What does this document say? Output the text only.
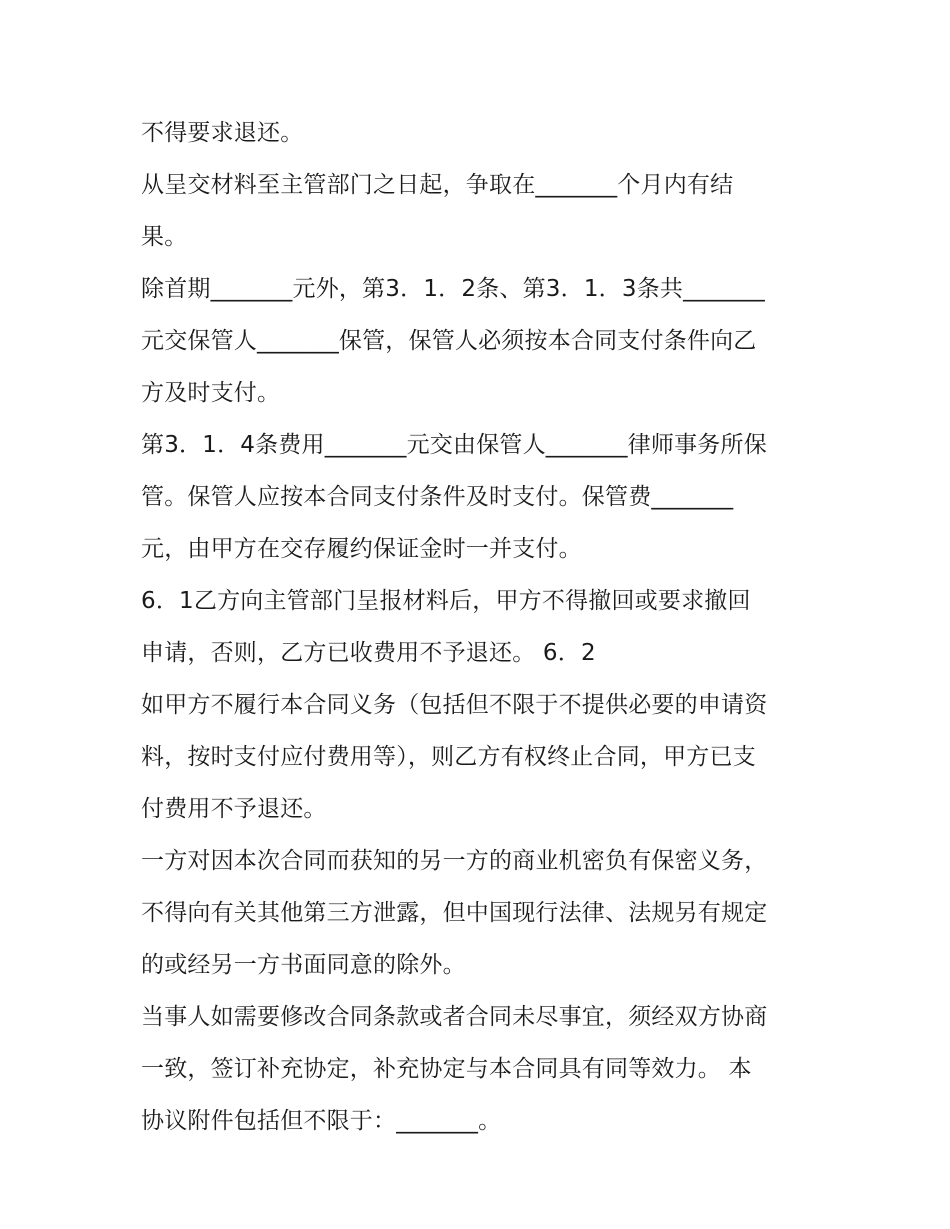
不得要求退还。
从呈交材料至主管部门之日起，争取在_______个月内有结
果。
除首期_______元外，第3．1．2条、第3．1．3条共_______
元交保管人_______保管，保管人必须按本合同支付条件向乙
方及时支付。
第3．1．4条费用_______元交由保管人_______律师事务所保
管。保管人应按本合同支付条件及时支付。保管费_______
元，由甲方在交存履约保证金时一并支付。
6．1乙方向主管部门呈报材料后，甲方不得撤回或要求撤回
申请，否则，乙方已收费用不予退还。 6．2
如甲方不履行本合同义务（包括但不限于不提供必要的申请资
料，按时支付应付费用等），则乙方有权终止合同，甲方已支
付费用不予退还。
一方对因本次合同而获知的另一方的商业机密负有保密义务，
不得向有关其他第三方泄露，但中国现行法律、法规另有规定
的或经另一方书面同意的除外。
当事人如需要修改合同条款或者合同未尽事宜，须经双方协商
一致，签订补充协定，补充协定与本合同具有同等效力。 本
协议附件包括但不限于：_______。
